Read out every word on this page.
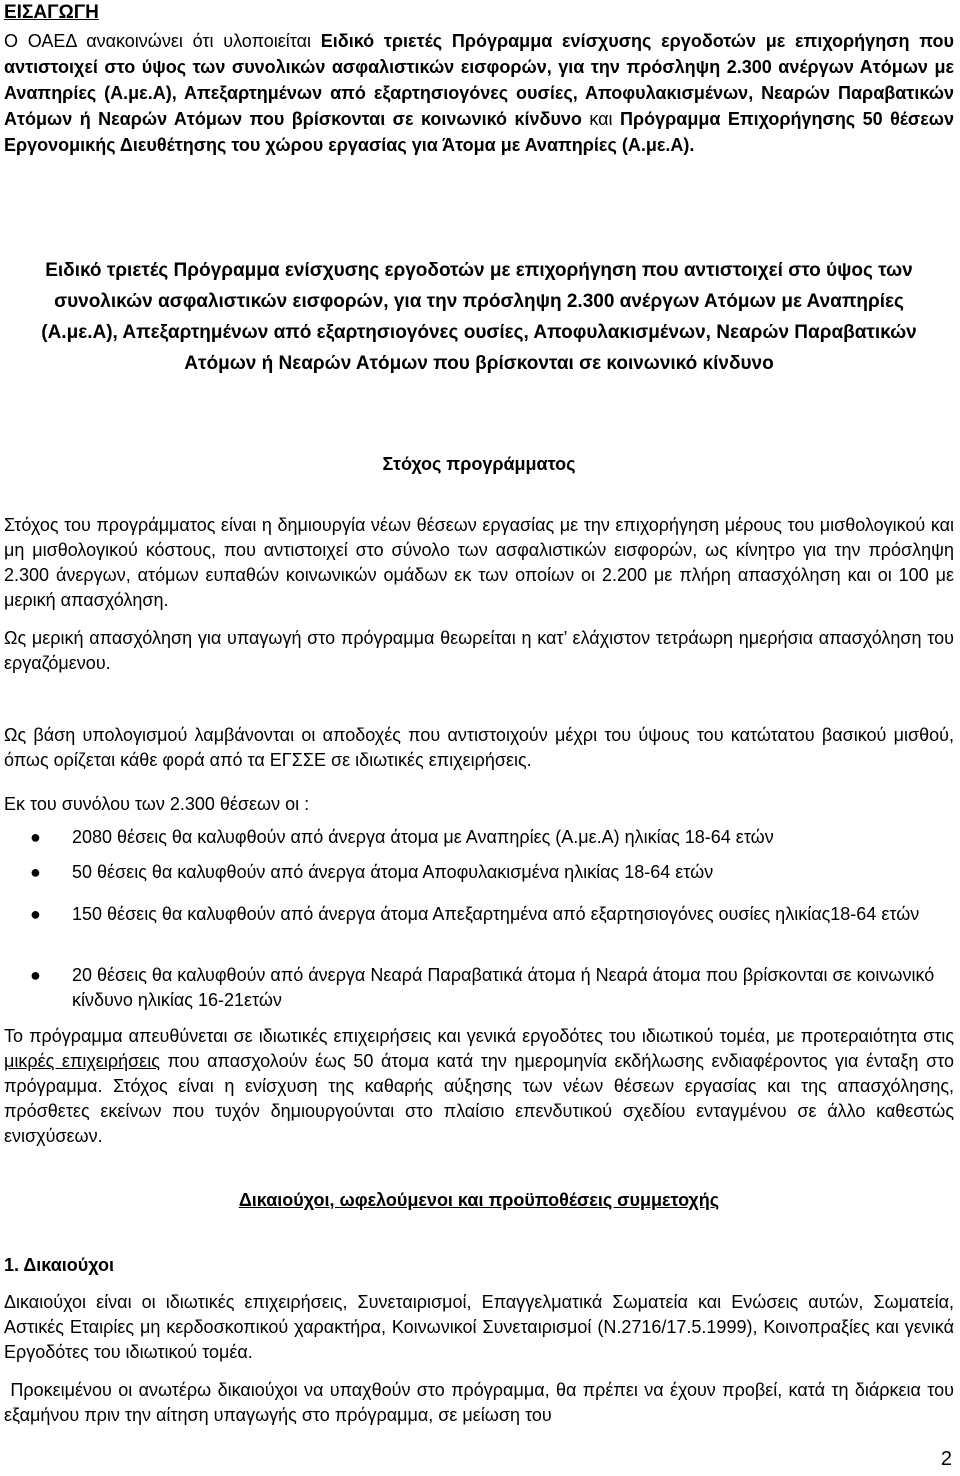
ΕΙΣΑΓΩΓΗ
Ο ΟΑΕΔ ανακοινώνει ότι υλοποιείται Ειδικό τριετές Πρόγραμμα ενίσχυσης εργοδοτών με επιχορήγηση που αντιστοιχεί στο ύψος των συνολικών ασφαλιστικών εισφορών, για την πρόσληψη 2.300 ανέργων Ατόμων με Αναπηρίες (Α.με.Α), Απεξαρτημένων από εξαρτησιογόνες ουσίες, Αποφυλακισμένων, Νεαρών Παραβατικών Ατόμων ή Νεαρών Ατόμων που βρίσκονται σε κοινωνικό κίνδυνο και Πρόγραμμα Επιχορήγησης 50 θέσεων Εργονομικής Διευθέτησης του χώρου εργασίας για Άτομα με Αναπηρίες (Α.με.Α).
Ειδικό τριετές Πρόγραμμα ενίσχυσης εργοδοτών με επιχορήγηση που αντιστοιχεί στο ύψος των συνολικών ασφαλιστικών εισφορών, για την πρόσληψη 2.300 ανέργων Ατόμων με Αναπηρίες (Α.με.Α), Απεξαρτημένων από εξαρτησιογόνες ουσίες, Αποφυλακισμένων, Νεαρών Παραβατικών Ατόμων ή Νεαρών Ατόμων που βρίσκονται σε κοινωνικό κίνδυνο
Στόχος προγράμματος
Στόχος του προγράμματος είναι η δημιουργία νέων θέσεων εργασίας με την επιχορήγηση μέρους του μισθολογικού και μη μισθολογικού κόστους, που αντιστοιχεί στο σύνολο των ασφαλιστικών εισφορών, ως κίνητρο για την πρόσληψη 2.300 άνεργων, ατόμων ευπαθών κοινωνικών ομάδων εκ των οποίων οι 2.200 με πλήρη απασχόληση και οι 100 με μερική απασχόληση.
Ως μερική απασχόληση για υπαγωγή στο πρόγραμμα θεωρείται η κατ’ ελάχιστον τετράωρη ημερήσια απασχόληση του εργαζόμενου.
Ως βάση υπολογισμού λαμβάνονται οι αποδοχές που αντιστοιχούν μέχρι του ύψους του κατώτατου βασικού μισθού, όπως ορίζεται κάθε φορά από τα ΕΓΣΣΕ σε ιδιωτικές επιχειρήσεις.
Εκ του συνόλου των 2.300 θέσεων οι :
● 2080 θέσεις θα καλυφθούν από άνεργα άτομα με Αναπηρίες (Α.με.Α) ηλικίας 18-64 ετών
● 50 θέσεις θα καλυφθούν από άνεργα άτομα Αποφυλακισμένα ηλικίας 18-64 ετών
● 150 θέσεις θα καλυφθούν από άνεργα άτομα Απεξαρτημένα από εξαρτησιογόνες ουσίες ηλικίας18-64 ετών
● 20 θέσεις θα καλυφθούν από άνεργα Νεαρά Παραβατικά άτομα ή Νεαρά άτομα που βρίσκονται σε κοινωνικό κίνδυνο ηλικίας 16-21ετών
Το πρόγραμμα απευθύνεται σε ιδιωτικές επιχειρήσεις και γενικά εργοδότες του ιδιωτικού τομέα, με προτεραιότητα στις μικρές επιχειρήσεις που απασχολούν έως 50 άτομα κατά την ημερομηνία εκδήλωσης ενδιαφέροντος για ένταξη στο πρόγραμμα. Στόχος είναι η ενίσχυση της καθαρής αύξησης των νέων θέσεων εργασίας και της απασχόλησης, πρόσθετες εκείνων που τυχόν δημιουργούνται στο πλαίσιο επενδυτικού σχεδίου ενταγμένου σε άλλο καθεστώς ενισχύσεων.
Δικαιούχοι, ωφελούμενοι και προϋποθέσεις συμμετοχής
1. Δικαιούχοι
Δικαιούχοι είναι οι ιδιωτικές επιχειρήσεις, Συνεταιρισμοί, Επαγγελματικά Σωματεία και Ενώσεις αυτών, Σωματεία, Αστικές Εταιρίες μη κερδοσκοπικού χαρακτήρα, Κοινωνικοί Συνεταιρισμοί (Ν.2716/17.5.1999), Κοινοπραξίες και γενικά Εργοδότες του ιδιωτικού τομέα.
Προκειμένου οι ανωτέρω δικαιούχοι να υπαχθούν στο πρόγραμμα, θα πρέπει να έχουν προβεί, κατά τη διάρκεια του εξαμήνου πριν την αίτηση υπαγωγής στο πρόγραμμα, σε μείωση του
2
